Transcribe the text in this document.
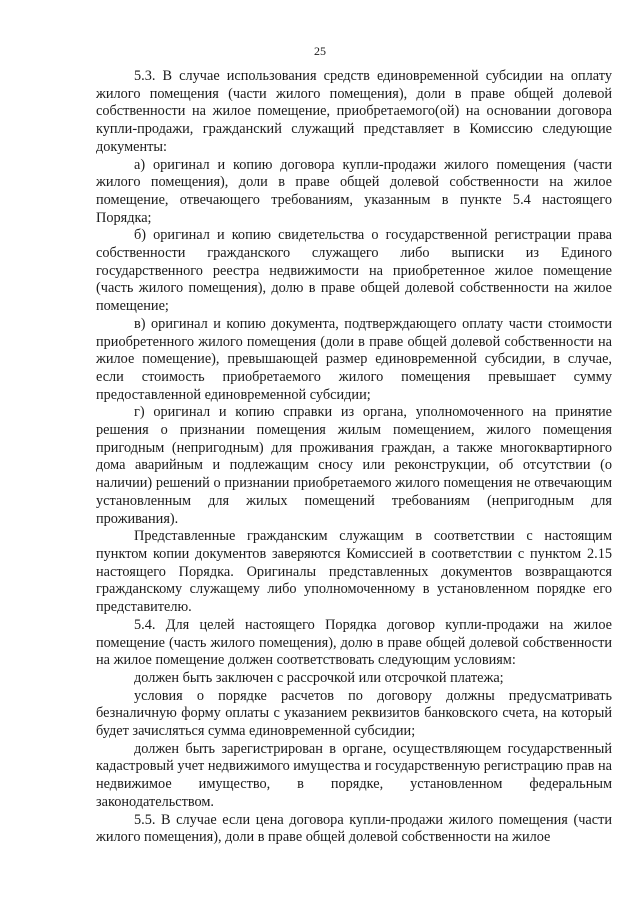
25

5.3. В случае использования средств единовременной субсидии на оплату жилого помещения (части жилого помещения), доли в праве общей долевой собственности на жилое помещение, приобретаемого(ой) на основании договора купли-продажи, гражданский служащий представляет в Комиссию следующие документы:

а) оригинал и копию договора купли-продажи жилого помещения (части жилого помещения), доли в праве общей долевой собственности на жилое помещение, отвечающего требованиям, указанным в пункте 5.4 настоящего Порядка;

б) оригинал и копию свидетельства о государственной регистрации права собственности гражданского служащего либо выписки из Единого государственного реестра недвижимости на приобретенное жилое помещение (часть жилого помещения), долю в праве общей долевой собственности на жилое помещение;

в) оригинал и копию документа, подтверждающего оплату части стоимости приобретенного жилого помещения (доли в праве общей долевой собственности на жилое помещение), превышающей размер единовременной субсидии, в случае, если стоимость приобретаемого жилого помещения превышает сумму предоставленной единовременной субсидии;

г) оригинал и копию справки из органа, уполномоченного на принятие решения о признании помещения жилым помещением, жилого помещения пригодным (непригодным) для проживания граждан, а также многоквартирного дома аварийным и подлежащим сносу или реконструкции, об отсутствии (о наличии) решений о признании приобретаемого жилого помещения не отвечающим установленным для жилых помещений требованиям (непригодным для проживания).

Представленные гражданским служащим в соответствии с настоящим пунктом копии документов заверяются Комиссией в соответствии с пунктом 2.15 настоящего Порядка. Оригиналы представленных документов возвращаются гражданскому служащему либо уполномоченному в установленном порядке его представителю.

5.4. Для целей настоящего Порядка договор купли-продажи на жилое помещение (часть жилого помещения), долю в праве общей долевой собственности на жилое помещение должен соответствовать следующим условиям:

должен быть заключен с рассрочкой или отсрочкой платежа;

условия о порядке расчетов по договору должны предусматривать безналичную форму оплаты с указанием реквизитов банковского счета, на который будет зачисляться сумма единовременной субсидии;

должен быть зарегистрирован в органе, осуществляющем государственный кадастровый учет недвижимого имущества и государственную регистрацию прав на недвижимое имущество, в порядке, установленном федеральным законодательством.

5.5. В случае если цена договора купли-продажи жилого помещения (части жилого помещения), доли в праве общей долевой собственности на жилое
